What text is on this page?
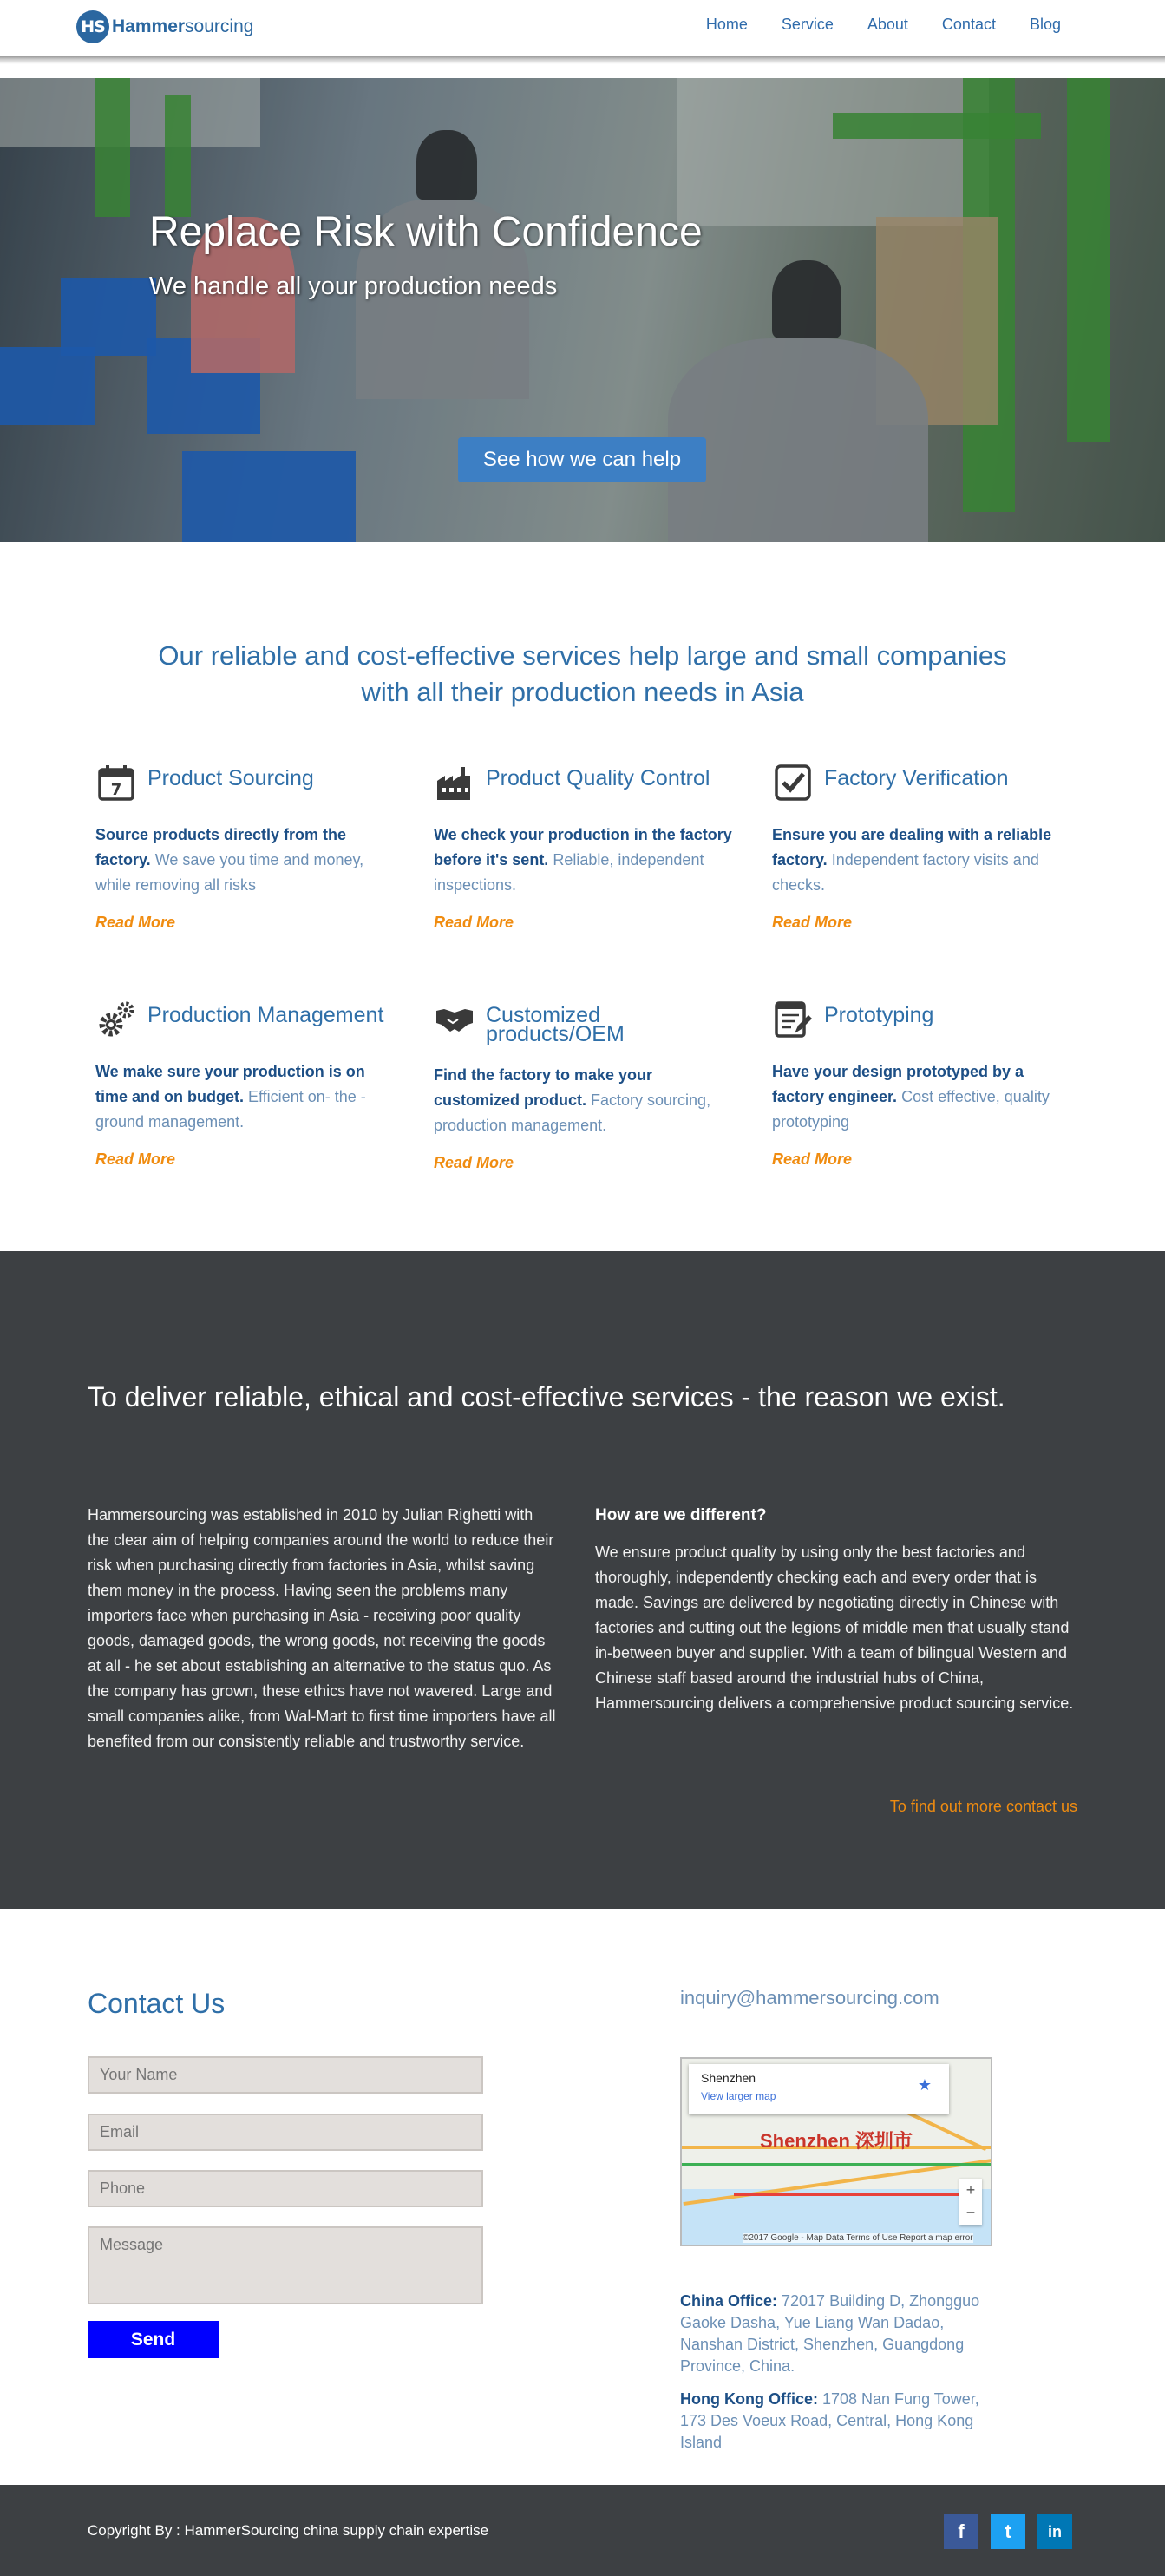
HS Hammersourcing	Home Service About Contact Blog
Replace Risk with Confidence
We handle all your production needs
See how we can help
Our reliable and cost-effective services help large and small companies
with all their production needs in Asia
7 Product Sourcing
Source products directly from the factory. We save you time and money, while removing all risks
Read More
Product Quality Control
We check your production in the factory before it's sent. Reliable, independent inspections.
Read More
Factory Verification
Ensure you are dealing with a reliable factory. Independent factory visits and checks.
Read More
Production Management
We make sure your production is on time and on budget. Efficient on- the -ground management.
Read More
Customized products/OEM
Find the factory to make your customized product. Factory sourcing, production management.
Read More
Prototyping
Have your design prototyped by a factory engineer. Cost effective, quality prototyping
Read More
To deliver reliable, ethical and cost-effective services - the reason we exist.
Hammersourcing was established in 2010 by Julian Righetti with the clear aim of helping companies around the world to reduce their risk when purchasing directly from factories in Asia, whilst saving them money in the process. Having seen the problems many importers face when purchasing in Asia - receiving poor quality goods, damaged goods, the wrong goods, not receiving the goods at all - he set about establishing an alternative to the status quo. As the company has grown, these ethics have not wavered. Large and small companies alike, from Wal-Mart to first time importers have all benefited from our consistently reliable and trustworthy service.
How are we different?
We ensure product quality by using only the best factories and thoroughly, independently checking each and every order that is made. Savings are delivered by negotiating directly in Chinese with factories and cutting out the legions of middle men that usually stand in-between buyer and supplier. With a team of bilingual Western and Chinese staff based around the industrial hubs of China, Hammersourcing delivers a comprehensive product sourcing service.
To find out more contact us
Contact Us
Your Name
Email
Phone
Message
Send
inquiry@hammersourcing.com
Shenzhen
View larger map
★
Shenzhen 深圳市
+
−
©2017 Google - Map Data Terms of Use Report a map error
China Office: 72017 Building D, Zhongguo Gaoke Dasha, Yue Liang Wan Dadao, Nanshan District, Shenzhen, Guangdong Province, China.
Hong Kong Office: 1708 Nan Fung Tower, 173 Des Voeux Road, Central, Hong Kong Island
Copyright By : HammerSourcing china supply chain expertise	f	t	in
